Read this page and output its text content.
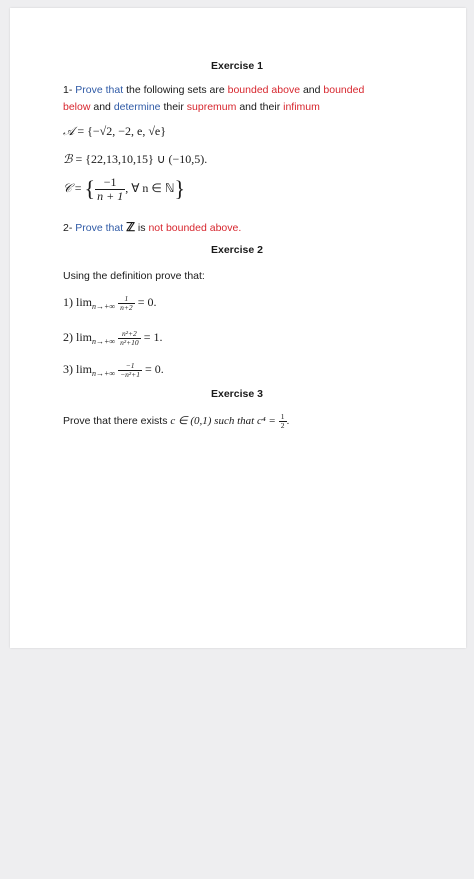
Exercise 1
1- Prove that the following sets are bounded above and bounded
below and determine their supremum and their infimum
𝒜 = {−√2, −2, e, √e}
ℬ = {22,13,10,15} ∪ (−10,5).
𝒞 = { $\frac{-1}{n + 1}$ , ∀ n ∈ ℕ}
2- Prove that ℤ is not bounded above.
Exercise 2
Using the definition prove that:
1) $\lim_{n\to+\infty} \frac{1}{n+2} = 0$.
2) $\lim_{n\to+\infty} \frac{\text{n²+2}}{\text{n²+10}} = 1$.
3) $\lim_{n\to+\infty} \frac{-1}{\text{−n²+1}} = 0$.
Exercise 3
Prove that there exists c ∈ (0,1) such that $c^4 = \frac{1}{2}$ .
